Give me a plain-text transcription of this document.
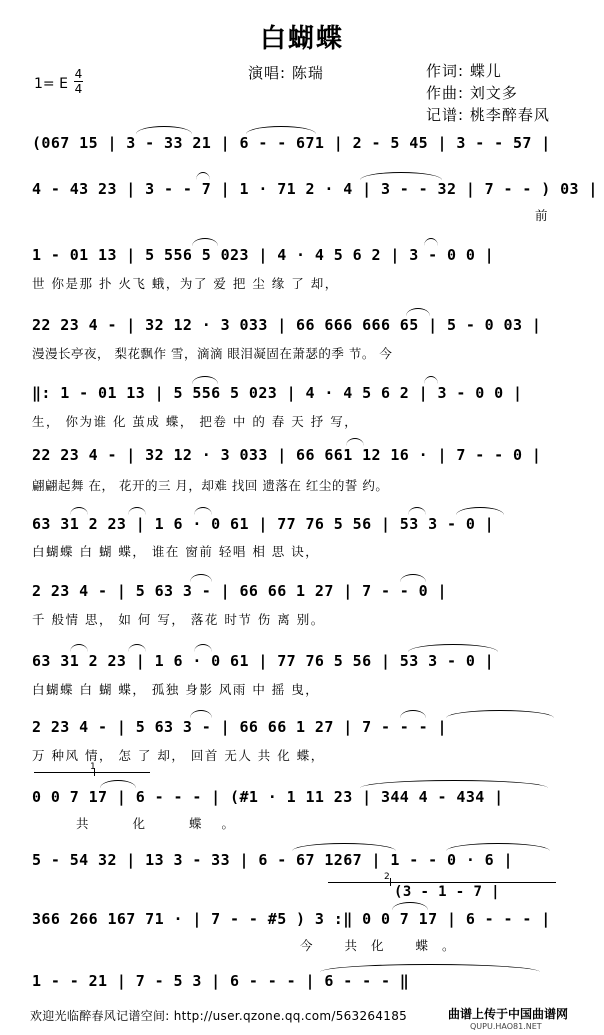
白蝴蝶
演唱: 陈瑞	作词: 蝶儿
作曲: 刘文多
记谱: 桃李醉春风
1= E
4
4
(067 15 | 3 - 33 21 | 6 - - 671 | 2 - 5 45 | 3 - - 57 |
4 - 43 23 | 3 - - 7 | 1 · 71 2 · 4 | 3 - - 32 | 7 - - ) 03 |
前
1 - 01 13 | 5 556 5 023 | 4 · 4 5 6 2 | 3 - 0 0 |
世 你是那 扑 火飞 蛾，为了 爱 把 尘 缘 了 却，
22 23 4 - | 32 12 · 3 033 | 66 666 666 65 | 5 - 0 03 |
漫漫长亭夜， 梨花飘作 雪，滴滴 眼泪凝固在萧瑟的季 节。 今
‖: 1 - 01 13 | 5 556 5 023 | 4 · 4 5 6 2 | 3 - 0 0 |
生， 你为谁 化 茧成 蝶， 把卷 中 的 春 天 抒 写，
22 23 4 - | 32 12 · 3 033 | 66 661 12 16 · | 7 - - 0 |
翩翩起舞 在， 花开的三 月，却难 找回 遗落在 红尘的誓 约。
63 31 2 23 | 1 6 · 0 61 | 77 76 5 56 | 53 3 - 0 |
白蝴蝶 白 蝴 蝶， 谁在 窗前 轻唱 相 思 诀，
2 23 4 - | 5 63 3 - | 66 66 1 27 | 7 - - 0 |
千 般情 思， 如 何 写， 落花 时节 伤 离 别。
63 31 2 23 | 1 6 · 0 61 | 77 76 5 56 | 53 3 - 0 |
白蝴蝶 白 蝴 蝶， 孤独 身影 风雨 中 摇 曳，
2 23 4 - | 5 63 3 - | 66 66 1 27 | 7 - - - |
万 种风 情， 怎 了 却， 回首 无人 共 化 蝶，
1
0 0 7 17 | 6 - - - | (#1 · 1 11 23 | 344 4 - 434 |
共 化 蝶。
5 - 54 32 | 13 3 - 33 | 6 - 67 1267 | 1 - - 0 · 6 |
2
(3 - 1 - 7 |
366 266 167 71 · | 7 - - #5 ) 3 :‖ 0 0 7 17 | 6 - - - |
今 共化 蝶。
1 - - 21 | 7 - 5 3 | 6 - - - | 6 - - - ‖
欢迎光临醉春风记谱空间: http://user.qzone.qq.com/563264185	曲谱上传于中国曲谱网
QUPU.HAO81.NET
